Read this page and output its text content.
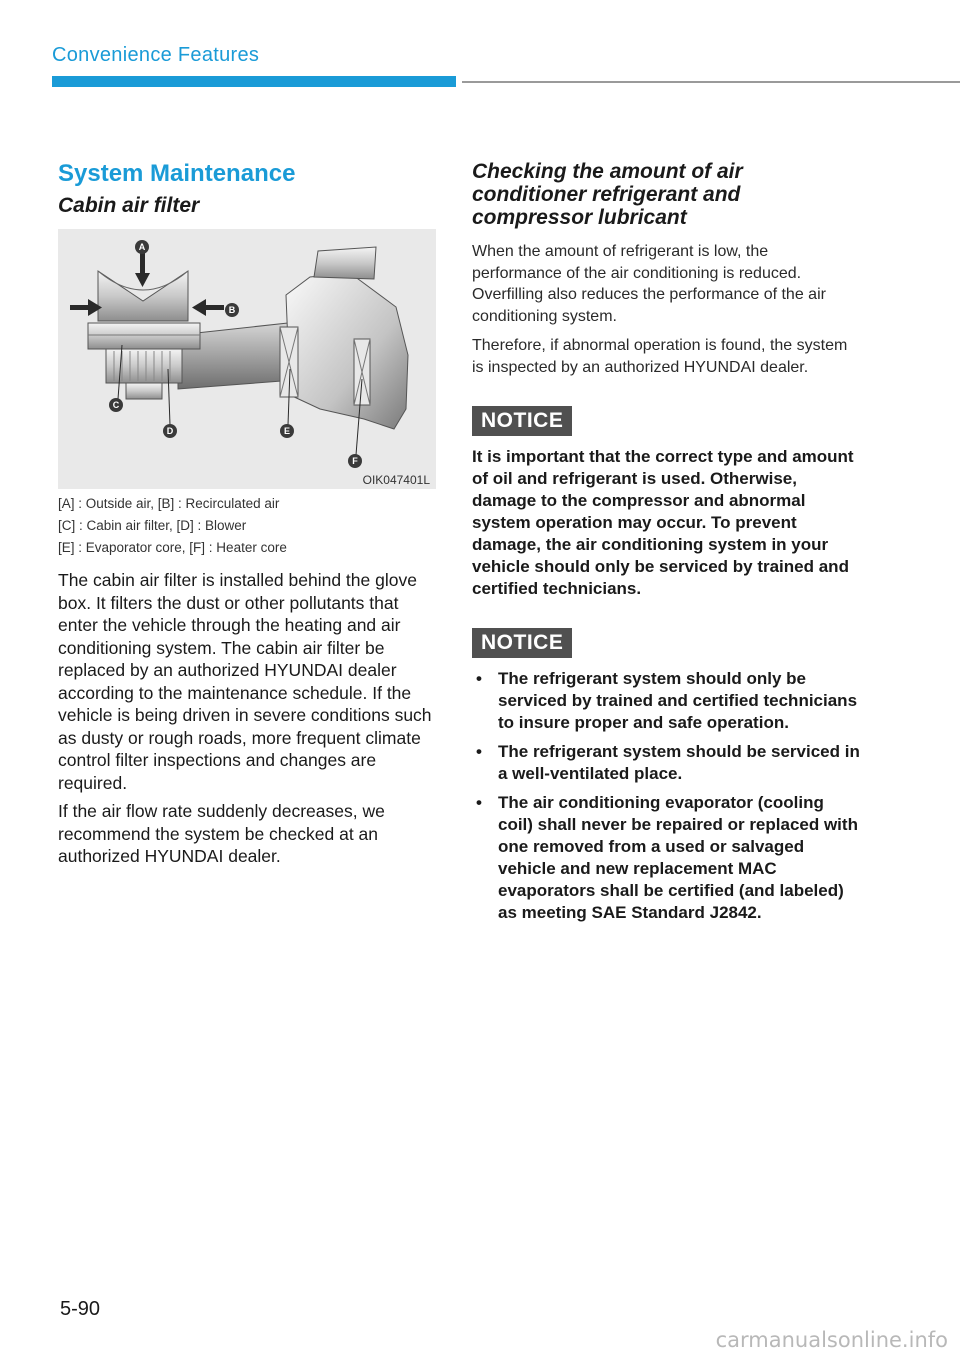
Convenience Features
System Maintenance
Cabin air filter
A
B
C
D	E
F
OIK047401L
[A] : Outside air, [B] : Recirculated air
[C] : Cabin air filter, [D] : Blower
[E] : Evaporator core, [F] : Heater core

The cabin air filter is installed behind the glove box. It filters the dust or other pollutants that enter the vehicle through the heating and air conditioning system. The cabin air filter be replaced by an authorized HYUNDAI dealer according to the maintenance schedule. If the vehicle is being driven in severe conditions such as dusty or rough roads, more frequent climate control filter inspections and changes are required.

If the air flow rate suddenly decreases, we recommend the system be checked at an authorized HYUNDAI dealer.

Checking the amount of air conditioner refrigerant and compressor lubricant

When the amount of refrigerant is low, the performance of the air conditioning is reduced. Overfilling also reduces the performance of the air conditioning system.

Therefore, if abnormal operation is found, the system is inspected by an authorized HYUNDAI dealer.

NOTICE

It is important that the correct type and amount of oil and refrigerant is used. Otherwise, damage to the compressor and abnormal system operation may occur. To prevent damage, the air conditioning system in your vehicle should only be serviced by trained and certified technicians.

NOTICE
• The refrigerant system should only be serviced by trained and certified technicians to insure proper and safe operation.
• The refrigerant system should be serviced in a well-ventilated place.
• The air conditioning evaporator (cooling coil) shall never be repaired or replaced with one removed from a used or salvaged vehicle and new replacement MAC evaporators shall be certified (and labeled) as meeting SAE Standard J2842.
5-90
carmanualsonline.info
